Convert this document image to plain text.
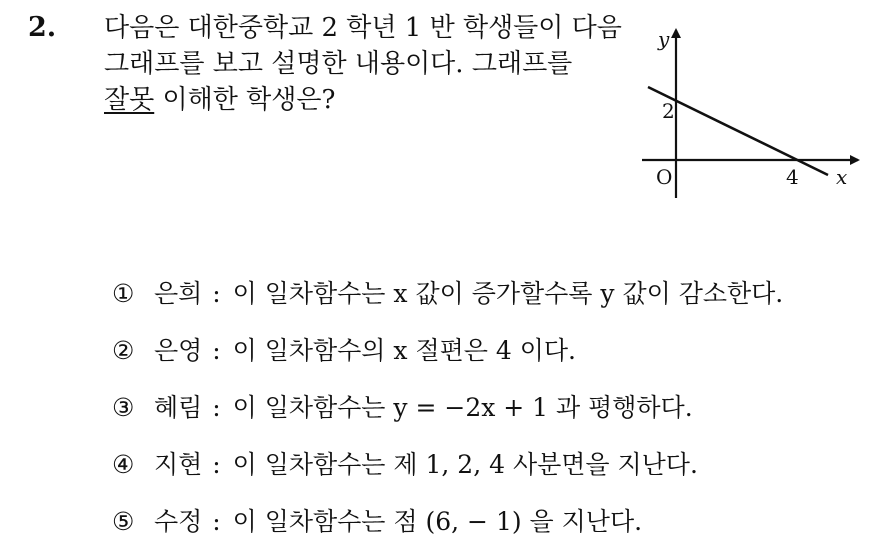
2. 다음은 대한중학교 2 학년 1 반 학생들이 다음
그래프를 보고 설명한 내용이다. 그래프를
잘못 이해한 학생은?
y
x
O
2
4
① 은희 : 이 일차함수는 x 값이 증가할수록 y 값이 감소한다.
② 은영 : 이 일차함수의 x 절편은 4 이다.
③ 혜림 : 이 일차함수는 y = −2x + 1 과 평행하다.
④ 지현 : 이 일차함수는 제 1, 2, 4 사분면을 지난다.
⑤ 수정 : 이 일차함수는 점 (6, − 1) 을 지난다.
